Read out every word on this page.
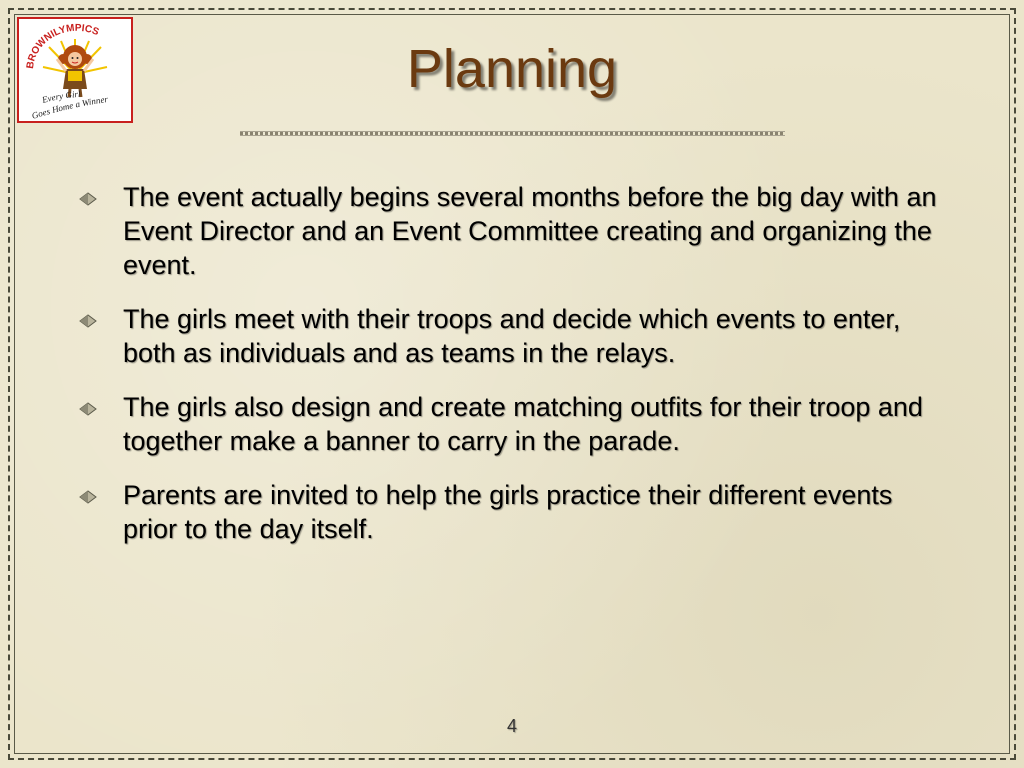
BROWNILYMPICS
Every Girl
Goes Home a Winner
Planning
The event actually begins several months before the big day with an Event Director and an Event Committee creating and organizing the event.
The girls meet with their troops and decide which events to enter, both as individuals and as teams in the relays.
The girls also design and create matching outfits for their troop and together make a banner to carry in the parade.
Parents are invited to help the girls practice their different events prior to the day itself.
4
